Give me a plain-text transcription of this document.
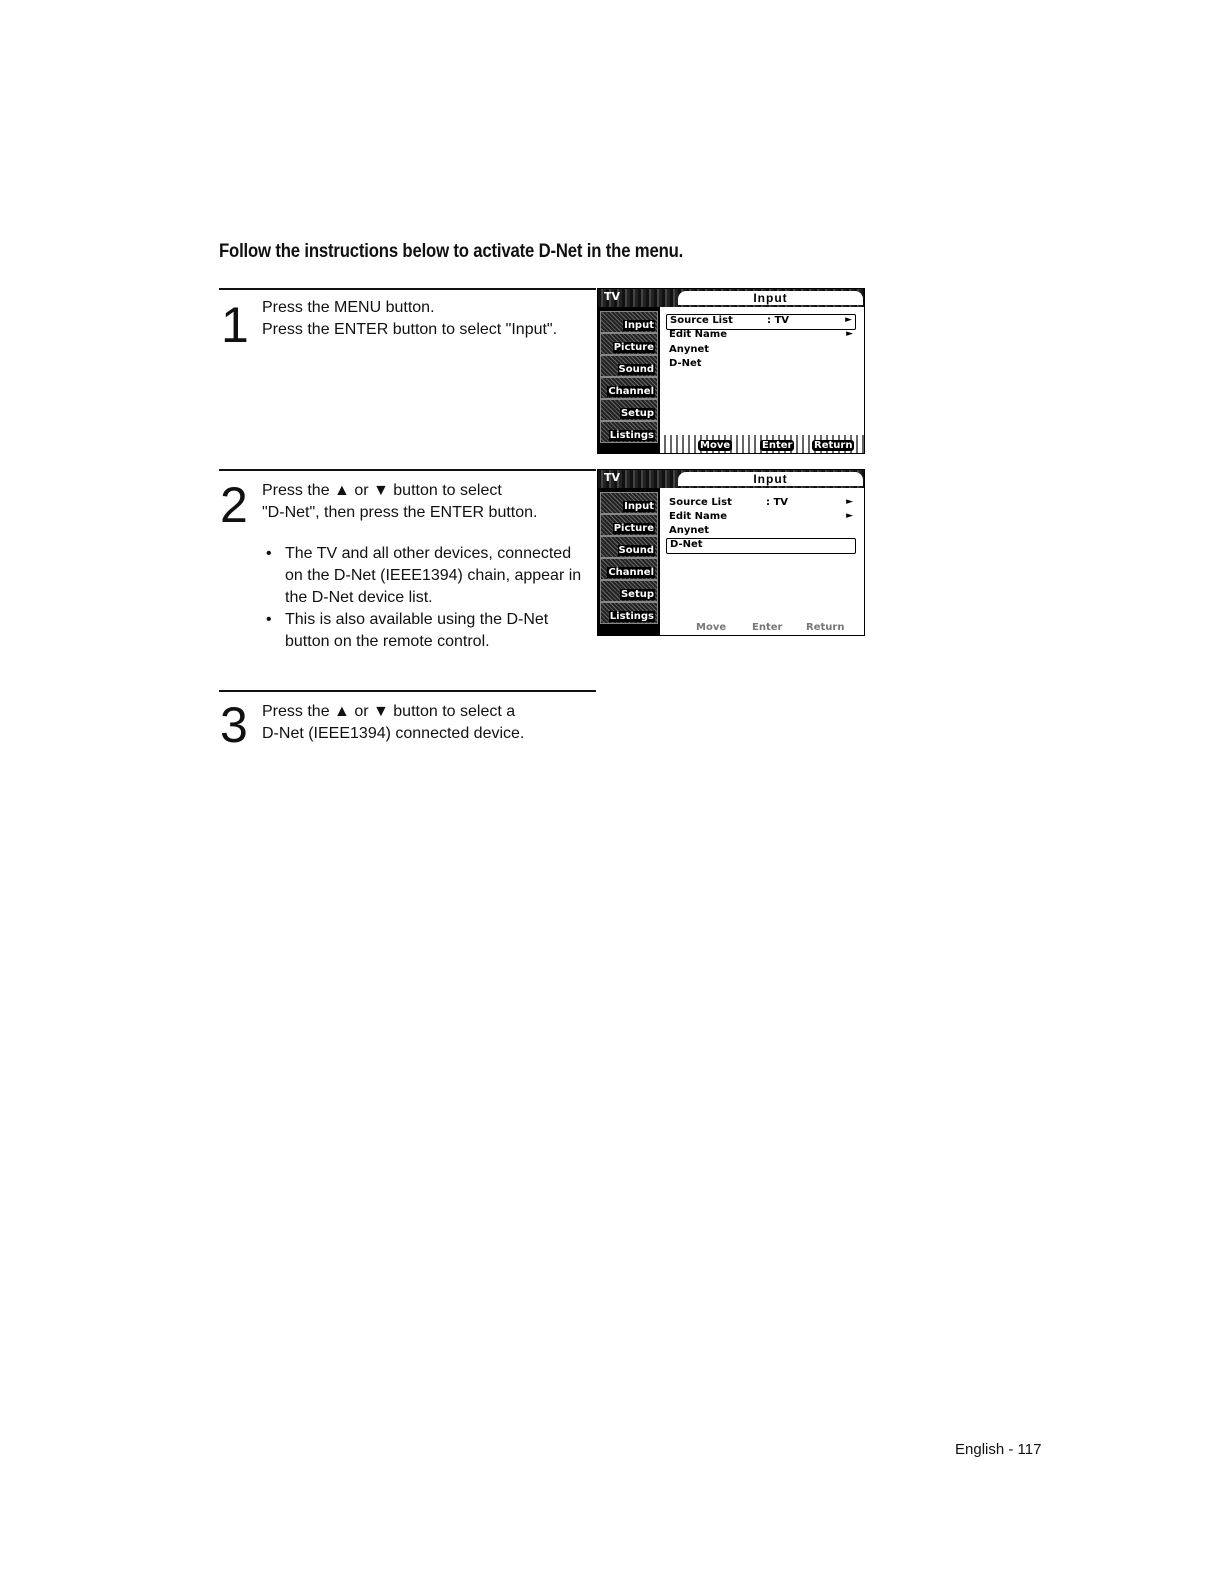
Follow the instructions below to activate D-Net in the menu.
1 Press the MENU button.
Press the ENTER button to select "Input".
TV	Input
Input
Picture
Sound
Channel
Setup
Listings
Source List	: TV	►
Edit Name	►
Anynet
D-Net
Move	Enter Return
2 Press the ▲ or ▼ button to select
"D-Net", then press the ENTER button.
• The TV and all other devices, connected on the D-Net (IEEE1394) chain, appear in the D-Net device list.
• This is also available using the D-Net button on the remote control.
TV	Input
Input
Picture
Sound
Channel
Setup
Listings
Source List	: TV	►
Edit Name	►
Anynet
D-Net
Move	Enter Return
3 Press the ▲ or ▼ button to select a
D-Net (IEEE1394) connected device.
English - 117
